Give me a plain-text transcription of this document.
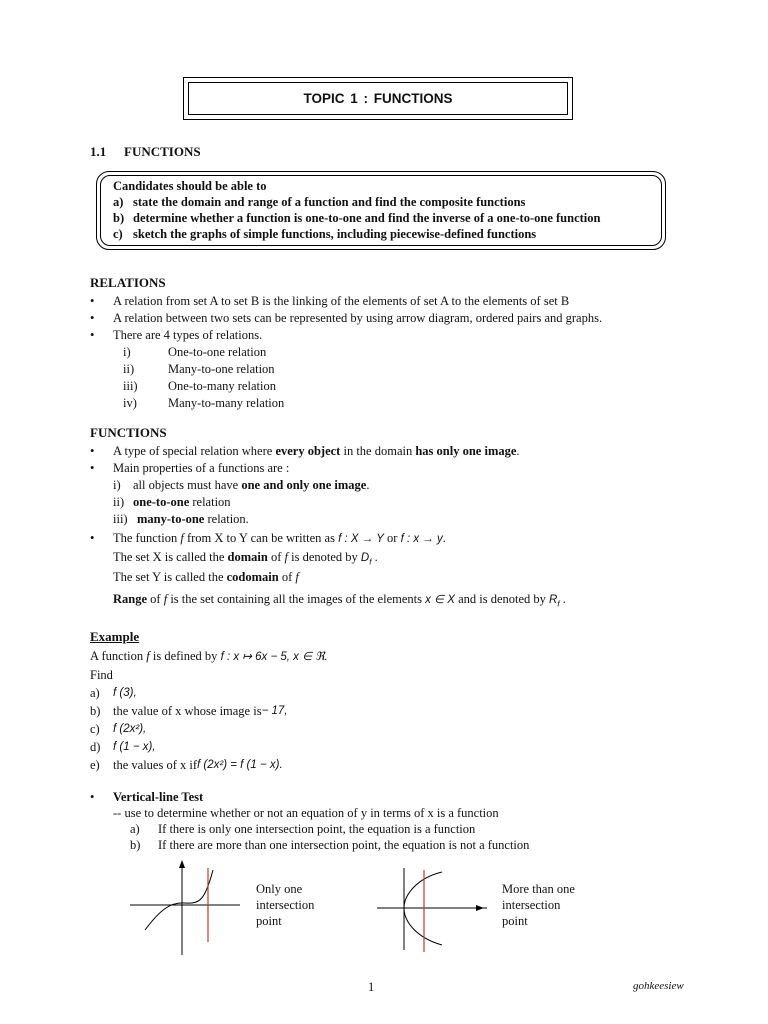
TOPIC 1 : FUNCTIONS
1.1 FUNCTIONS
Candidates should be able to
a) state the domain and range of a function and find the composite functions
b) determine whether a function is one-to-one and find the inverse of a one-to-one function
c) sketch the graphs of simple functions, including piecewise-defined functions
RELATIONS
• A relation from set A to set B is the linking of the elements of set A to the elements of set B
• A relation between two sets can be represented by using arrow diagram, ordered pairs and graphs.
• There are 4 types of relations.
i)	One-to-one relation
ii)	Many-to-one relation
iii)	One-to-many relation
iv)	Many-to-many relation
FUNCTIONS
• A type of special relation where every object in the domain has only one image.
• Main properties of a functions are :
i) all objects must have one and only one image.
ii) one-to-one relation
iii) many-to-one relation.
• The function f from X to Y can be written as f : X → Y or f : x → y.
The set X is called the domain of f is denoted by $D_f$ .
The set Y is called the codomain of f
Range of f is the set containing all the images of the elements x ∈ X and is denoted by $R_f$ .
Example
A function f is defined by f : x ↦ 6x − 5, x ∈ ℜ.
Find
a)	f (3),
b)	the value of x whose image is − 17,
c)	f (2x²),
d)	f (1 − x),
e)	the values of x if f (2x²) = f (1 − x).
•	Vertical-line Test
-- use to determine whether or not an equation of y in terms of x is a function
a)	If there is only one intersection point, the equation is a function
b)	If there are more than one intersection point, the equation is not a function
Only one
intersection
point
More than one
intersection
point
1	gohkeesiew
